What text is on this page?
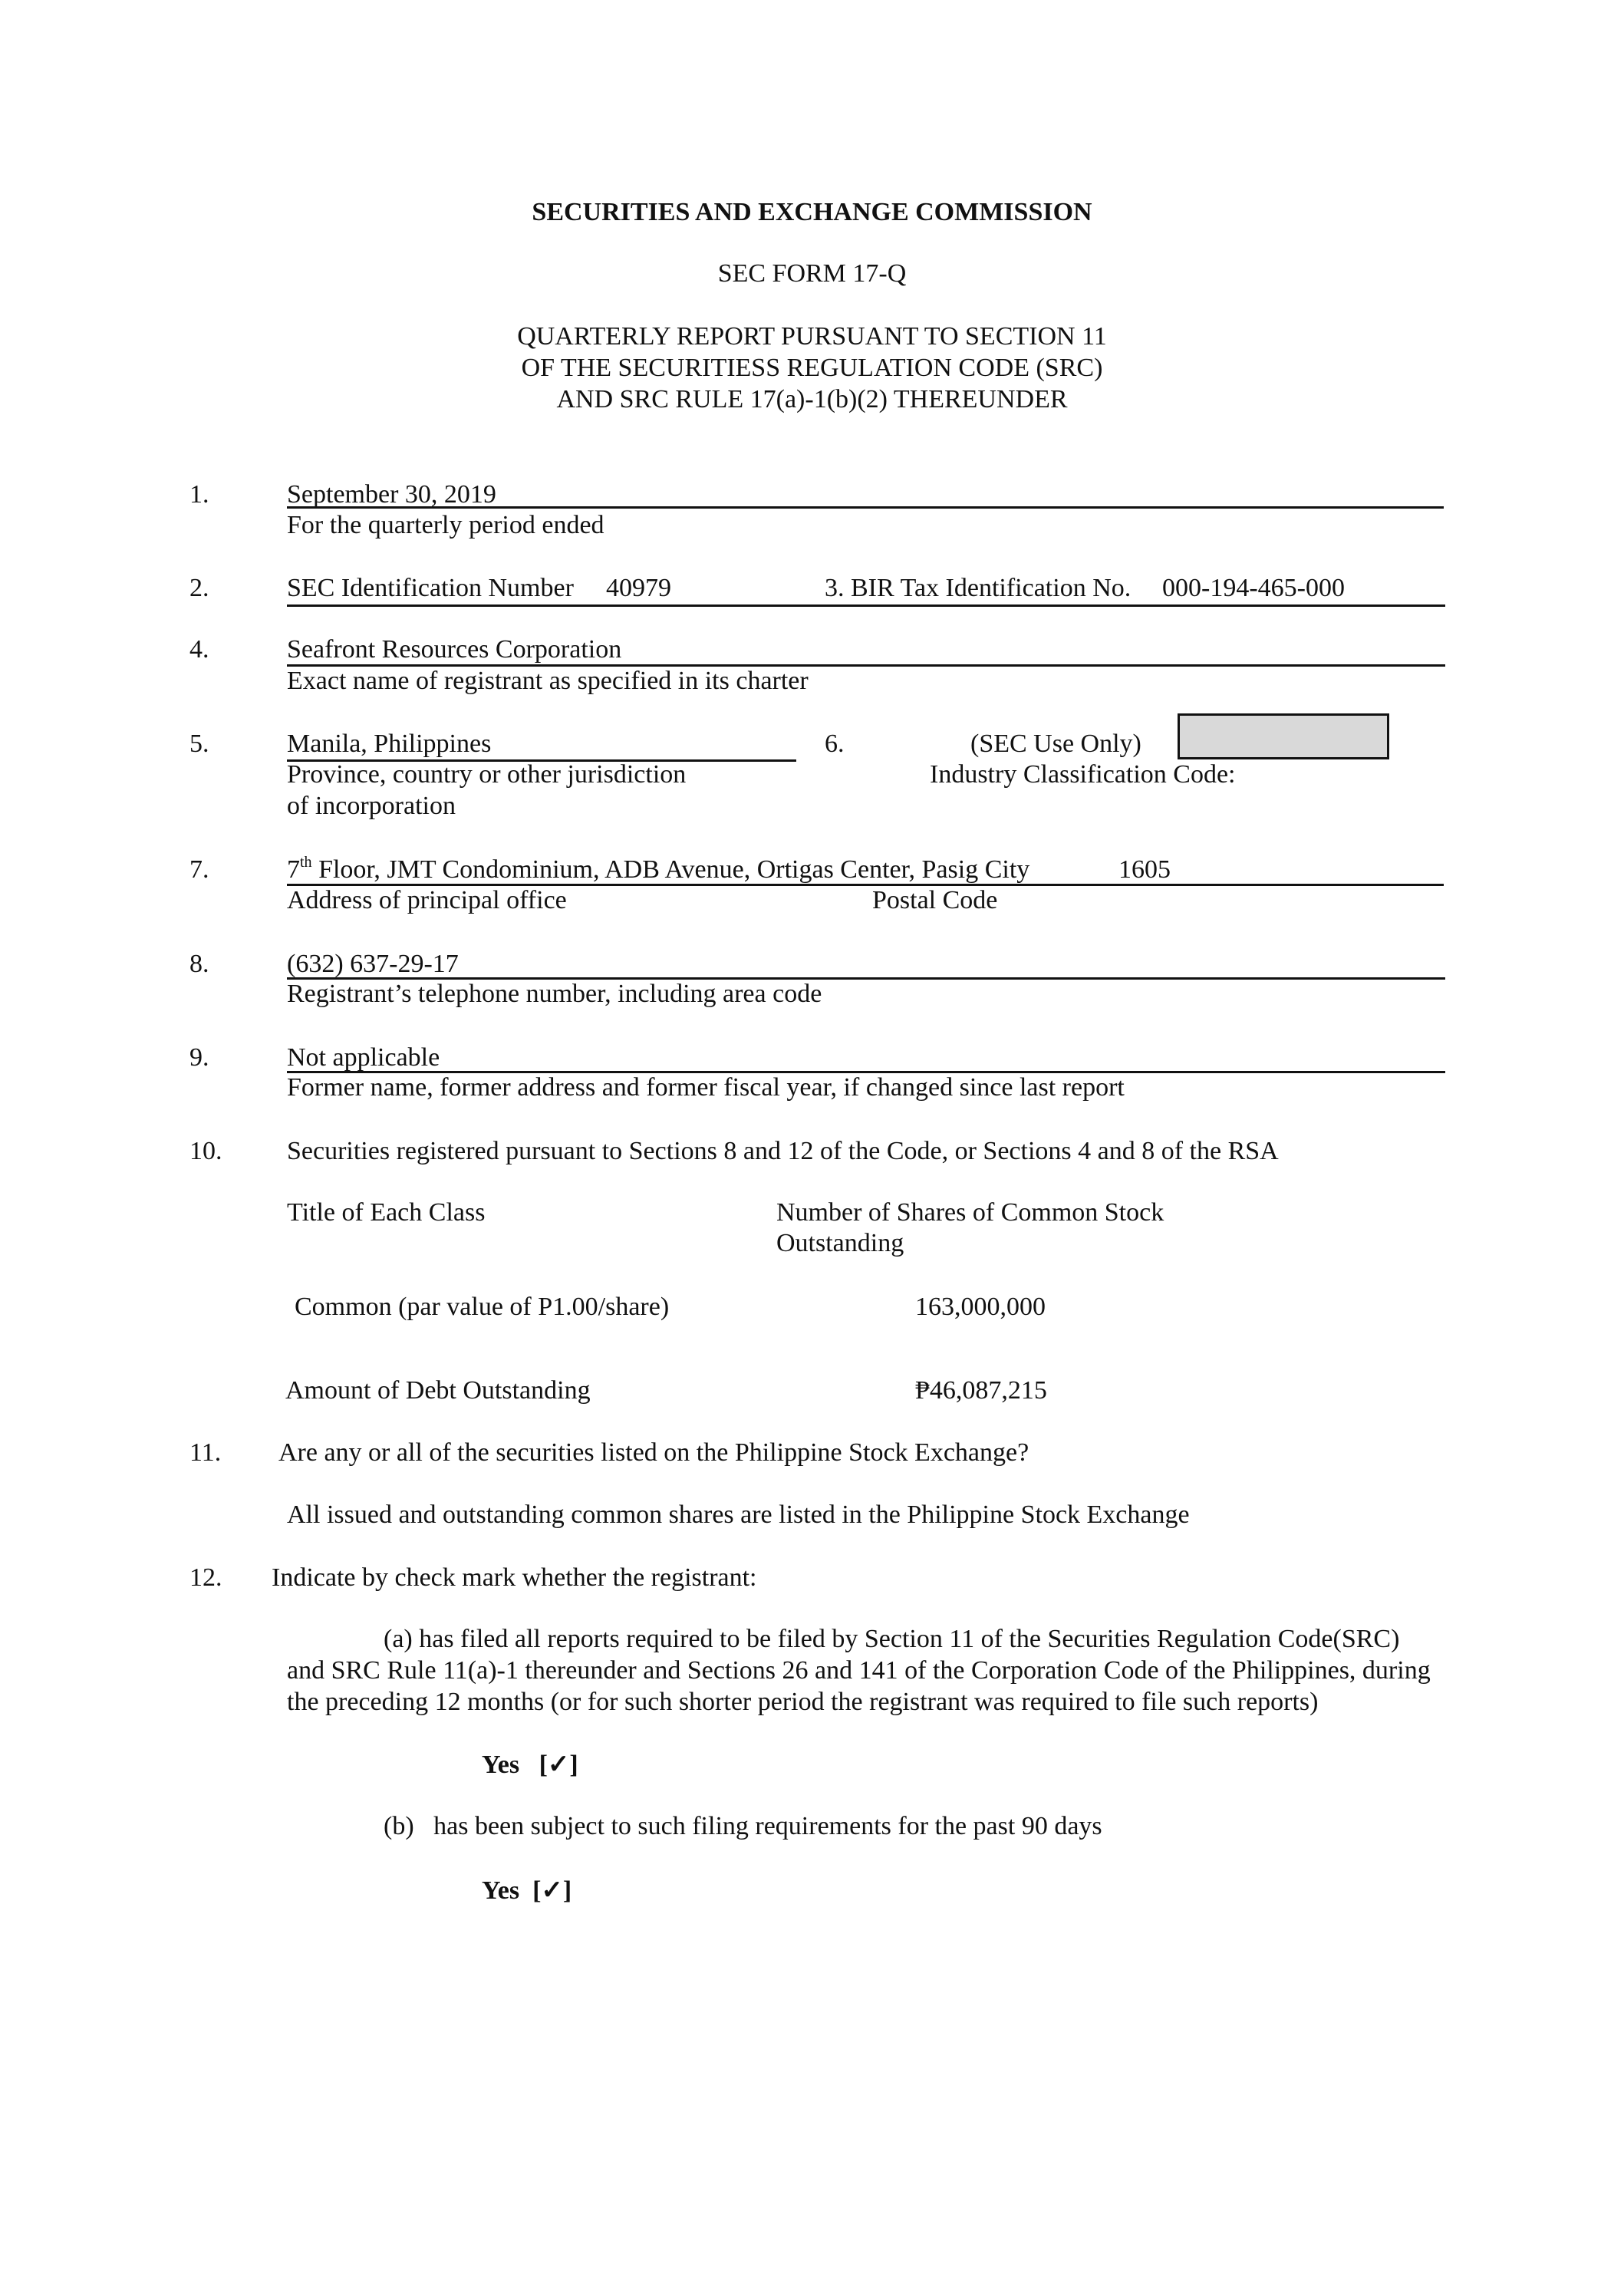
SECURITIES AND EXCHANGE COMMISSION
SEC FORM 17-Q
QUARTERLY REPORT PURSUANT TO SECTION 11
OF THE SECURITIESS REGULATION CODE (SRC)
AND SRC RULE 17(a)-1(b)(2) THEREUNDER
1.	September 30, 2019
For the quarterly period ended
2.	SEC Identification Number 40979	3. BIR Tax Identification No. 000-194-465-000
4.	Seafront Resources Corporation
Exact name of registrant as specified in its charter
5.	Manila, Philippines
Province, country or other jurisdiction
of incorporation
6.	(SEC Use Only)
Industry Classification Code:
7.	7th Floor, JMT Condominium, ADB Avenue, Ortigas Center, Pasig City	1605
Address of principal office	Postal Code
8.	(632) 637-29-17
Registrant’s telephone number, including area code
9.	Not applicable
Former name, former address and former fiscal year, if changed since last report
10. Securities registered pursuant to Sections 8 and 12 of the Code, or Sections 4 and 8 of the RSA
Title of Each Class	Number of Shares of Common Stock
Outstanding
Common (par value of P1.00/share)	163,000,000
Amount of Debt Outstanding	₱46,087,215
11. Are any or all of the securities listed on the Philippine Stock Exchange?
All issued and outstanding common shares are listed in the Philippine Stock Exchange
12. Indicate by check mark whether the registrant:
(a) has filed all reports required to be filed by Section 11 of the Securities Regulation Code(SRC)
and SRC Rule 11(a)-1 thereunder and Sections 26 and 141 of the Corporation Code of the Philippines, during
the preceding 12 months (or for such shorter period the registrant was required to file such reports)
Yes   [✓]
(b)   has been subject to such filing requirements for the past 90 days
Yes  [✓]
